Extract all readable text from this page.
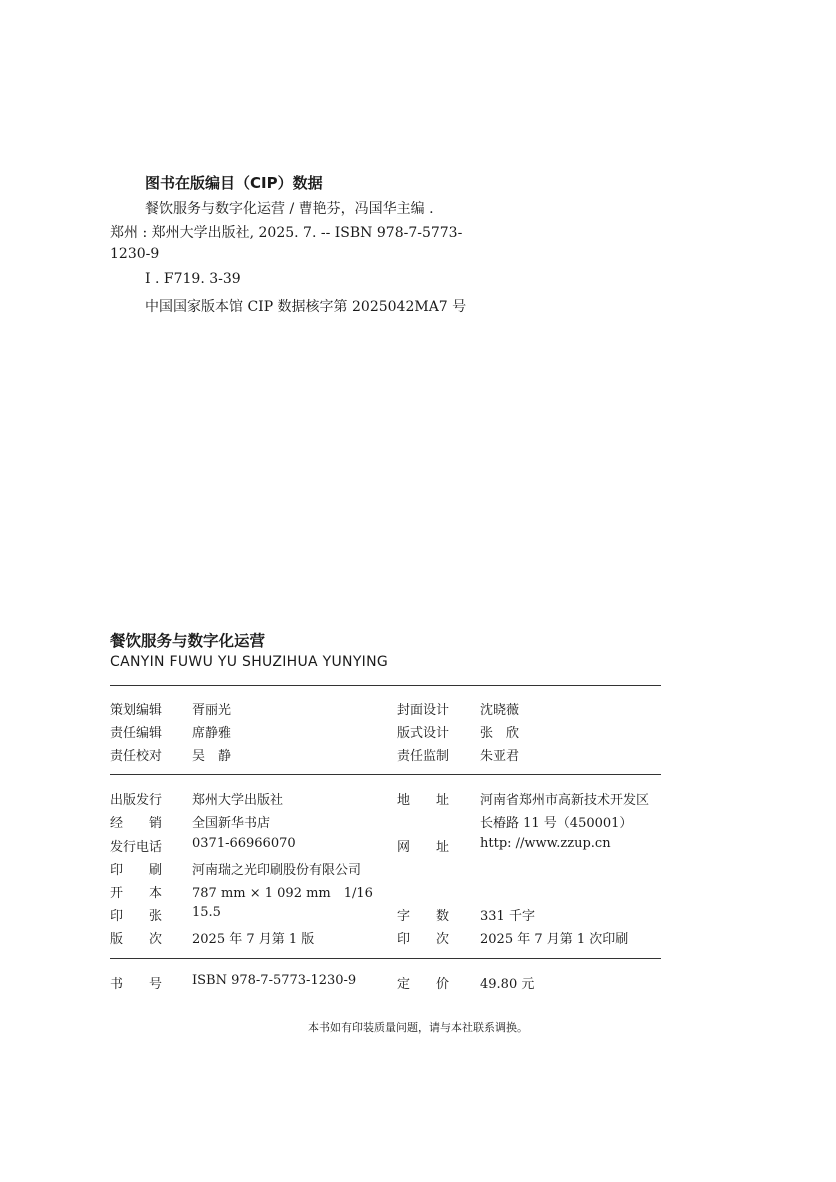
图书在版编目（CIP）数据
餐饮服务与数字化运营 / 曹艳芬，冯国华主编 .
郑州 : 郑州大学出版社, 2025. 7. -- ISBN 978-7-5773-
1230-9
Ⅰ . F719. 3-39
中国国家版本馆 CIP 数据核字第 2025042MA7 号
餐饮服务与数字化运营
CANYIN FUWU YU SHUZIHUA YUNYING
策划编辑 胥丽光	封面设计 沈晓薇
责任编辑 席静雅	版式设计 张　欣
责任校对 吴　静	责任监制 朱亚君
出版发行 郑州大学出版社	地　　址 河南省郑州市高新技术开发区
经　　销 全国新华书店	长椿路 11 号（450001）
发行电话 0371-66966070	网　　址 http: //www.zzup.cn
印　　刷 河南瑞之光印刷股份有限公司
开　　本 787 mm × 1 092 mm　1/16
印　　张 15.5	字　　数 331 千字
版　　次 2025 年 7 月第 1 版	印　　次 2025 年 7 月第 1 次印刷
书　　号 ISBN 978-7-5773-1230-9	定　　价 49.80 元
本书如有印装质量问题，请与本社联系调换。
